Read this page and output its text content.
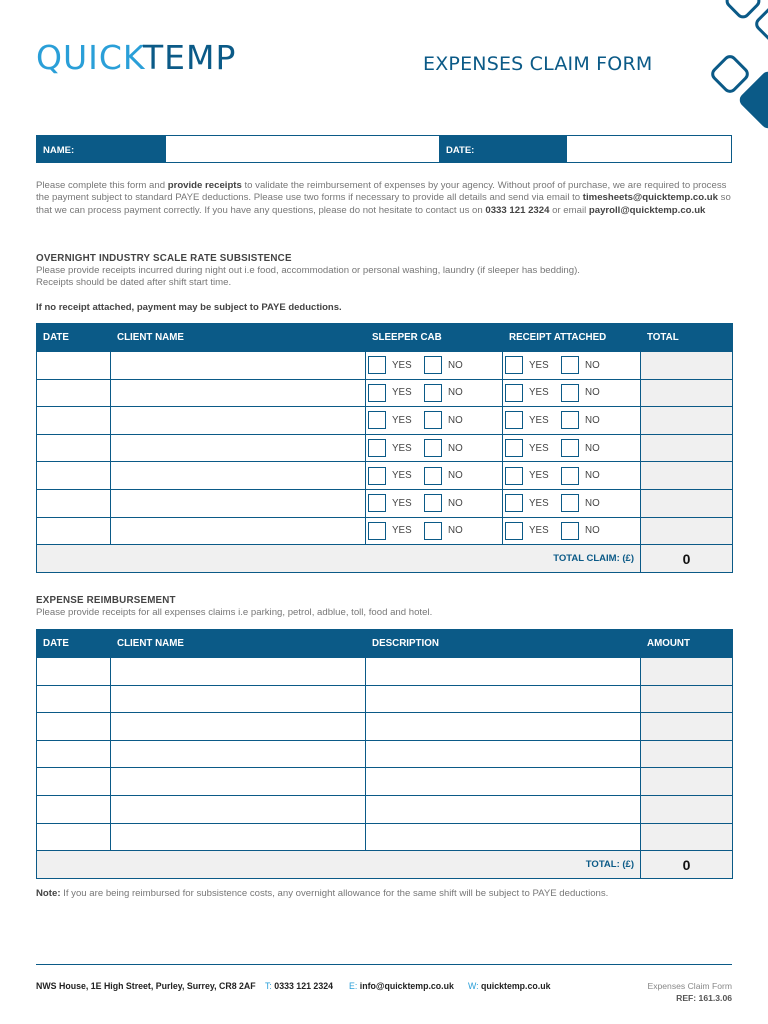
QUICKTEMP	EXPENSES CLAIM FORM
NAME:	DATE:
Please complete this form and provide receipts to validate the reimbursement of expenses by your agency. Without proof of purchase, we are required to process the payment subject to standard PAYE deductions. Please use two forms if necessary to provide all details and send via email to timesheets@quicktemp.co.uk so that we can process payment correctly. If you have any questions, please do not hesitate to contact us on 0333 121 2324 or email payroll@quicktemp.co.uk
OVERNIGHT INDUSTRY SCALE RATE SUBSISTENCE
Please provide receipts incurred during night out i.e food, accommodation or personal washing, laundry (if sleeper has bedding).
Receipts should be dated after shift start time.
If no receipt attached, payment may be subject to PAYE deductions.
DATE	CLIENT NAME	SLEEPER CAB	RECEIPT ATTACHED	TOTAL

		YES NO	YES NO	

		YES NO	YES NO	

		YES NO	YES NO	

		YES NO	YES NO	

		YES NO	YES NO	

		YES NO	YES NO	

		YES NO	YES NO	

TOTAL CLAIM: (£)				0
EXPENSE REIMBURSEMENT
Please provide receipts for all expenses claims i.e parking, petrol, adblue, toll, food and hotel.
DATE	CLIENT NAME	DESCRIPTION	AMOUNT

TOTAL: (£)			0
Note: If you are being reimbursed for subsistence costs, any overnight allowance for the same shift will be subject to PAYE deductions.
NWS House, 1E High Street, Purley, Surrey, CR8 2AF T: 0333 121 2324 E: info@quicktemp.co.uk W: quicktemp.co.uk	Expenses Claim Form
REF: 161.3.06
